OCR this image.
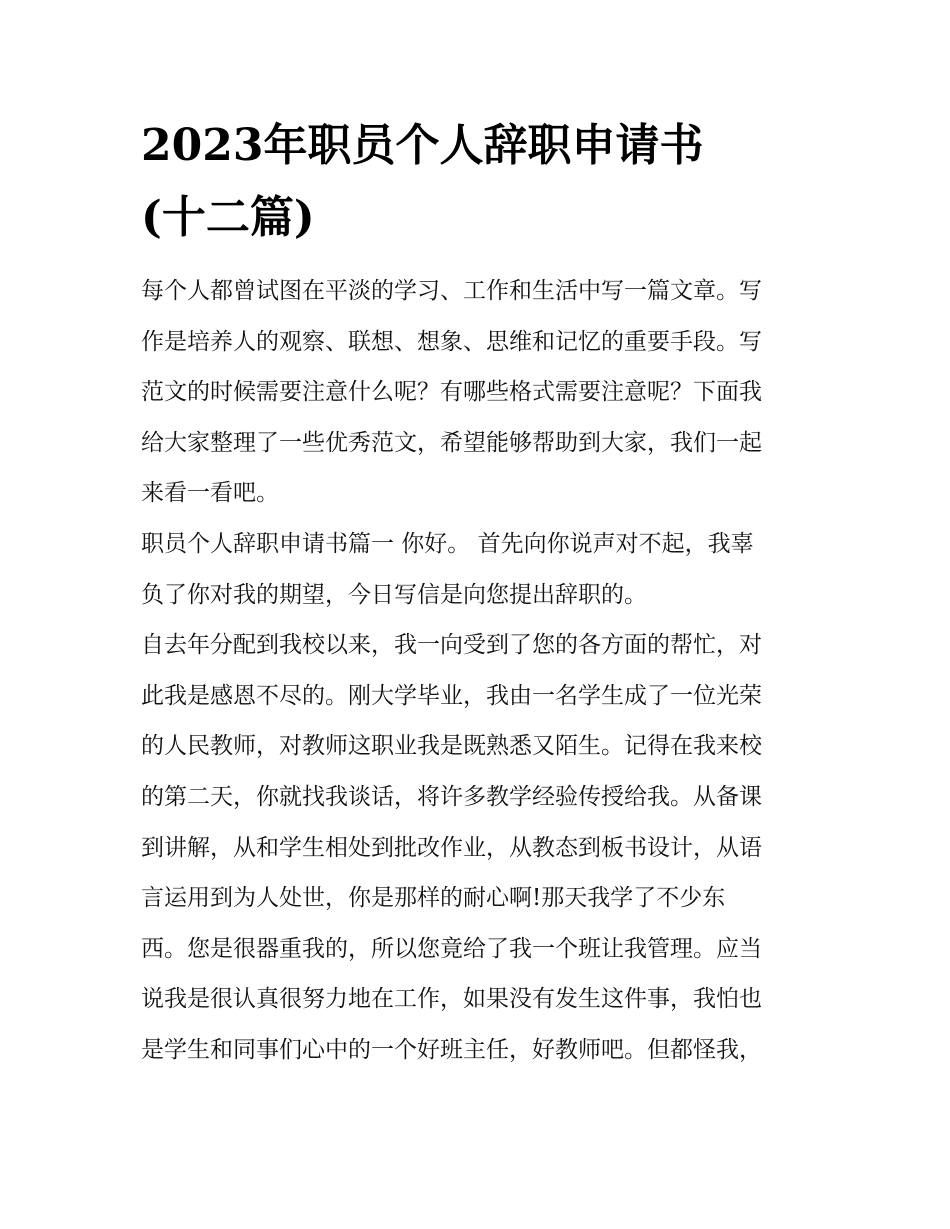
2023年职员个人辞职申请书
(十二篇)
每个人都曾试图在平淡的学习、工作和生活中写一篇文章。写
作是培养人的观察、联想、想象、思维和记忆的重要手段。写
范文的时候需要注意什么呢？有哪些格式需要注意呢？下面我
给大家整理了一些优秀范文，希望能够帮助到大家，我们一起
来看一看吧。
职员个人辞职申请书篇一 你好。 首先向你说声对不起，我辜
负了你对我的期望，今日写信是向您提出辞职的。
自去年分配到我校以来，我一向受到了您的各方面的帮忙，对
此我是感恩不尽的。刚大学毕业，我由一名学生成了一位光荣
的人民教师，对教师这职业我是既熟悉又陌生。记得在我来校
的第二天，你就找我谈话，将许多教学经验传授给我。从备课
到讲解，从和学生相处到批改作业，从教态到板书设计，从语
言运用到为人处世，你是那样的耐心啊!那天我学了不少东
西。您是很器重我的，所以您竟给了我一个班让我管理。应当
说我是很认真很努力地在工作，如果没有发生这件事，我怕也
是学生和同事们心中的一个好班主任，好教师吧。但都怪我，
